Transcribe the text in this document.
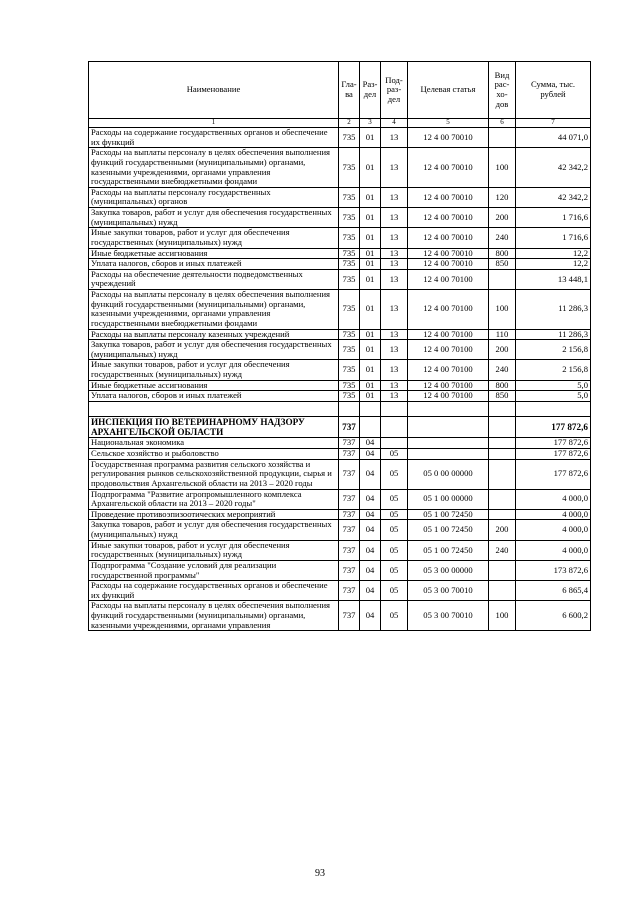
Наименование	Гла-ва	Раз-дел	Под-раз-дел	Целевая статья	Вид рас-хо-дов	Сумма, тыс. рублей
1	2	3	4	5	6	7
Расходы на содержание государственных органов и обеспечение их функций	735	01	13	12 4 00 70010		44 071,0
Расходы на выплаты персоналу в целях обеспечения выполнения функций государственными (муниципальными) органами, казенными учреждениями, органами управления государственными внебюджетными фондами	735	01	13	12 4 00 70010	100	42 342,2
Расходы на выплаты персоналу государственных (муниципальных) органов	735	01	13	12 4 00 70010	120	42 342,2
Закупка товаров, работ и услуг для обеспечения государственных (муниципальных) нужд	735	01	13	12 4 00 70010	200	1 716,6
Иные закупки товаров, работ и услуг для обеспечения государственных (муниципальных) нужд	735	01	13	12 4 00 70010	240	1 716,6
Иные бюджетные ассигнования	735	01	13	12 4 00 70010	800	12,2
Уплата налогов, сборов и иных платежей	735	01	13	12 4 00 70010	850	12,2
Расходы на обеспечение деятельности подведомственных учреждений	735	01	13	12 4 00 70100		13 448,1
Расходы на выплаты персоналу в целях обеспечения выполнения функций государственными (муниципальными) органами, казенными учреждениями, органами управления государственными внебюджетными фондами	735	01	13	12 4 00 70100	100	11 286,3
Расходы на выплаты персоналу казенных учреждений	735	01	13	12 4 00 70100	110	11 286,3
Закупка товаров, работ и услуг для обеспечения государственных (муниципальных) нужд	735	01	13	12 4 00 70100	200	2 156,8
Иные закупки товаров, работ и услуг для обеспечения государственных (муниципальных) нужд	735	01	13	12 4 00 70100	240	2 156,8
Иные бюджетные ассигнования	735	01	13	12 4 00 70100	800	5,0
Уплата налогов, сборов и иных платежей	735	01	13	12 4 00 70100	850	5,0

ИНСПЕКЦИЯ ПО ВЕТЕРИНАРНОМУ НАДЗОРУ АРХАНГЕЛЬСКОЙ ОБЛАСТИ	737					177 872,6
Национальная экономика	737	04				177 872,6
Сельское хозяйство и рыболовство	737	04	05			177 872,6
Государственная программа развития сельского хозяйства и регулирования рынков сельскохозяйственной продукции, сырья и продовольствия Архангельской области на 2013 – 2020 годы	737	04	05	05 0 00 00000		177 872,6
Подпрограмма "Развитие агропромышленного комплекса Архангельской области на 2013 – 2020 годы"	737	04	05	05 1 00 00000		4 000,0
Проведение противоэпизоотических мероприятий	737	04	05	05 1 00 72450		4 000,0
Закупка товаров, работ и услуг для обеспечения государственных (муниципальных) нужд	737	04	05	05 1 00 72450	200	4 000,0
Иные закупки товаров, работ и услуг для обеспечения государственных (муниципальных) нужд	737	04	05	05 1 00 72450	240	4 000,0
Подпрограмма "Создание условий для реализации государственной программы"	737	04	05	05 3 00 00000		173 872,6
Расходы на содержание государственных органов и обеспечение их функций	737	04	05	05 3 00 70010		6 865,4
Расходы на выплаты персоналу в целях обеспечения выполнения функций государственными (муниципальными) органами, казенными учреждениями, органами управления	737	04	05	05 3 00 70010	100	6 600,2
93
